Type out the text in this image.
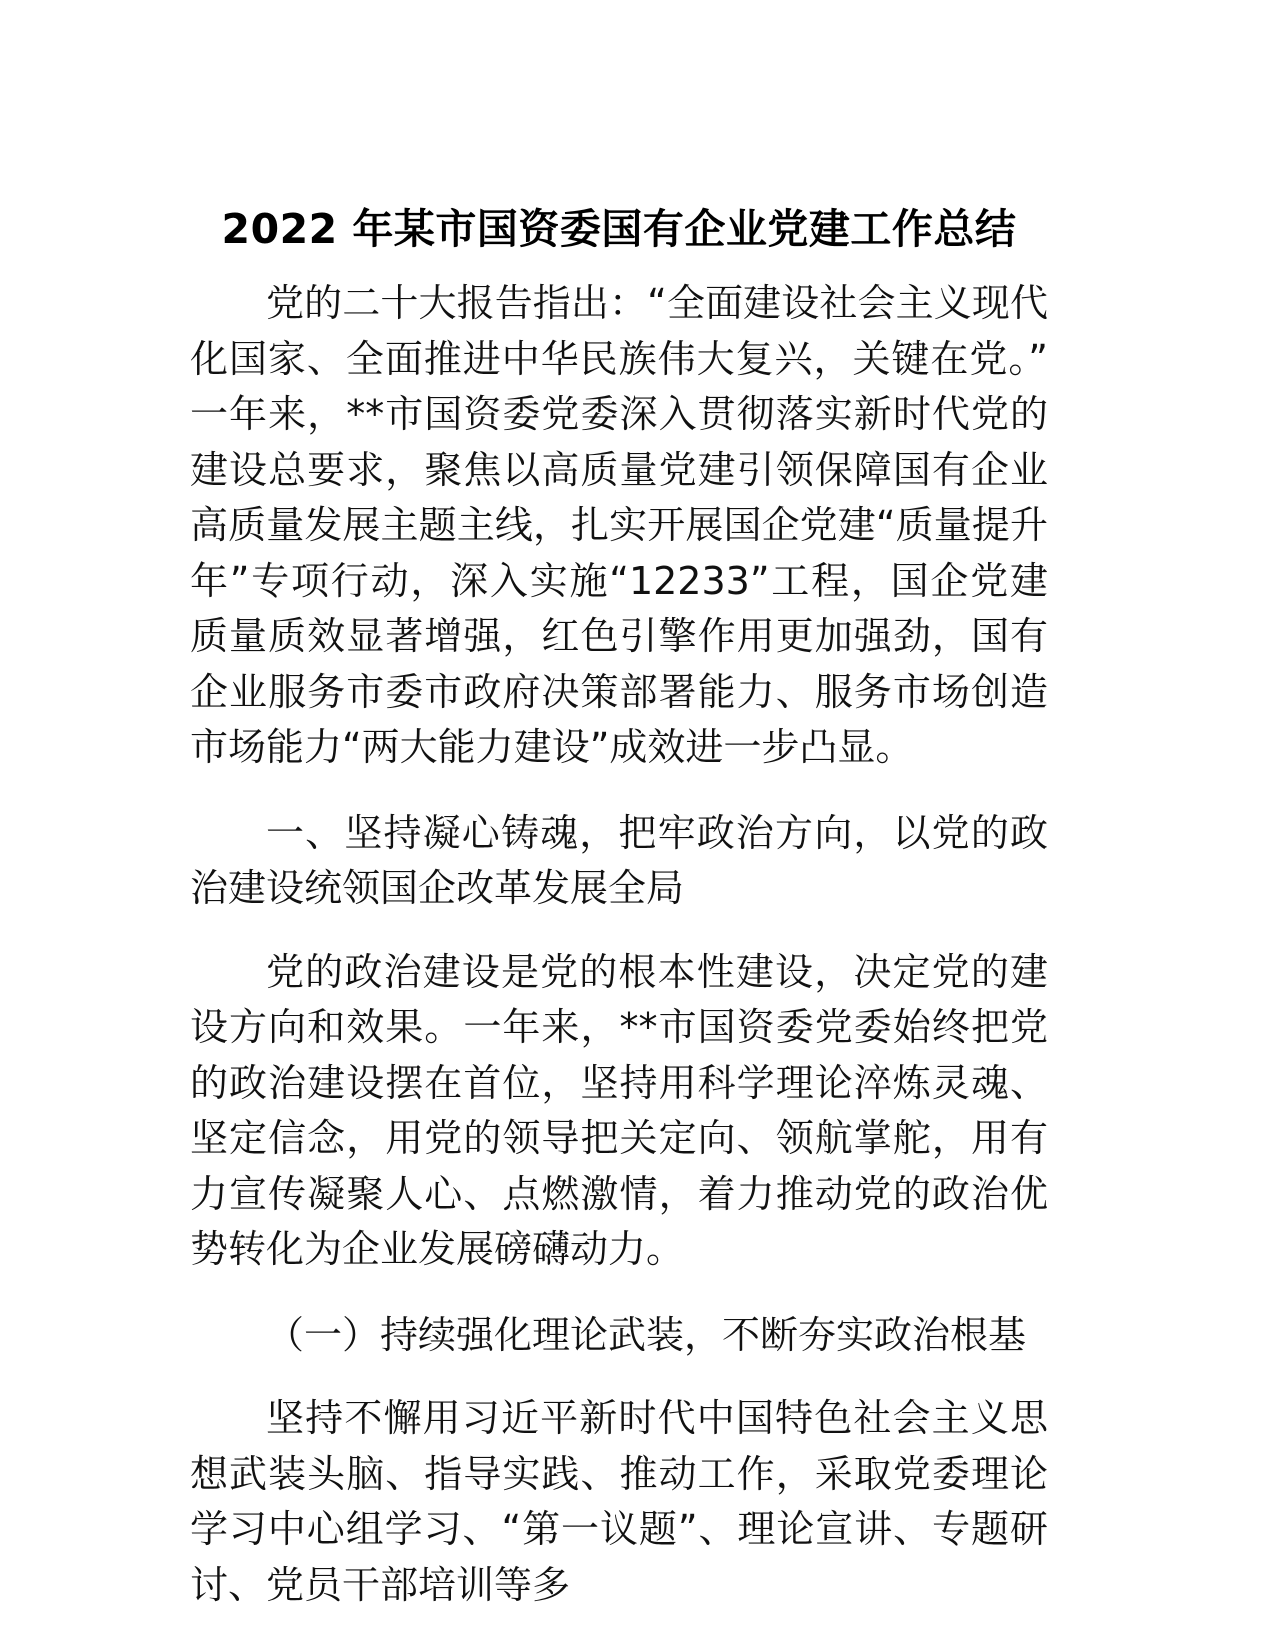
2022 年某市国资委国有企业党建工作总结

党的二十大报告指出：“全面建设社会主义现代化国家、全面推进中华民族伟大复兴，关键在党。”一年来，**市国资委党委深入贯彻落实新时代党的建设总要求，聚焦以高质量党建引领保障国有企业高质量发展主题主线，扎实开展国企党建“质量提升年”专项行动，深入实施“12233”工程，国企党建质量质效显著增强，红色引擎作用更加强劲，国有企业服务市委市政府决策部署能力、服务市场创造市场能力“两大能力建设”成效进一步凸显。

一、坚持凝心铸魂，把牢政治方向，以党的政治建设统领国企改革发展全局

党的政治建设是党的根本性建设，决定党的建设方向和效果。一年来，**市国资委党委始终把党的政治建设摆在首位，坚持用科学理论淬炼灵魂、坚定信念，用党的领导把关定向、领航掌舵，用有力宣传凝聚人心、点燃激情，着力推动党的政治优势转化为企业发展磅礴动力。

（一）持续强化理论武装，不断夯实政治根基

坚持不懈用习近平新时代中国特色社会主义思想武装头脑、指导实践、推动工作，采取党委理论学习中心组学习、“第一议题”、理论宣讲、专题研讨、党员干部培训等多
